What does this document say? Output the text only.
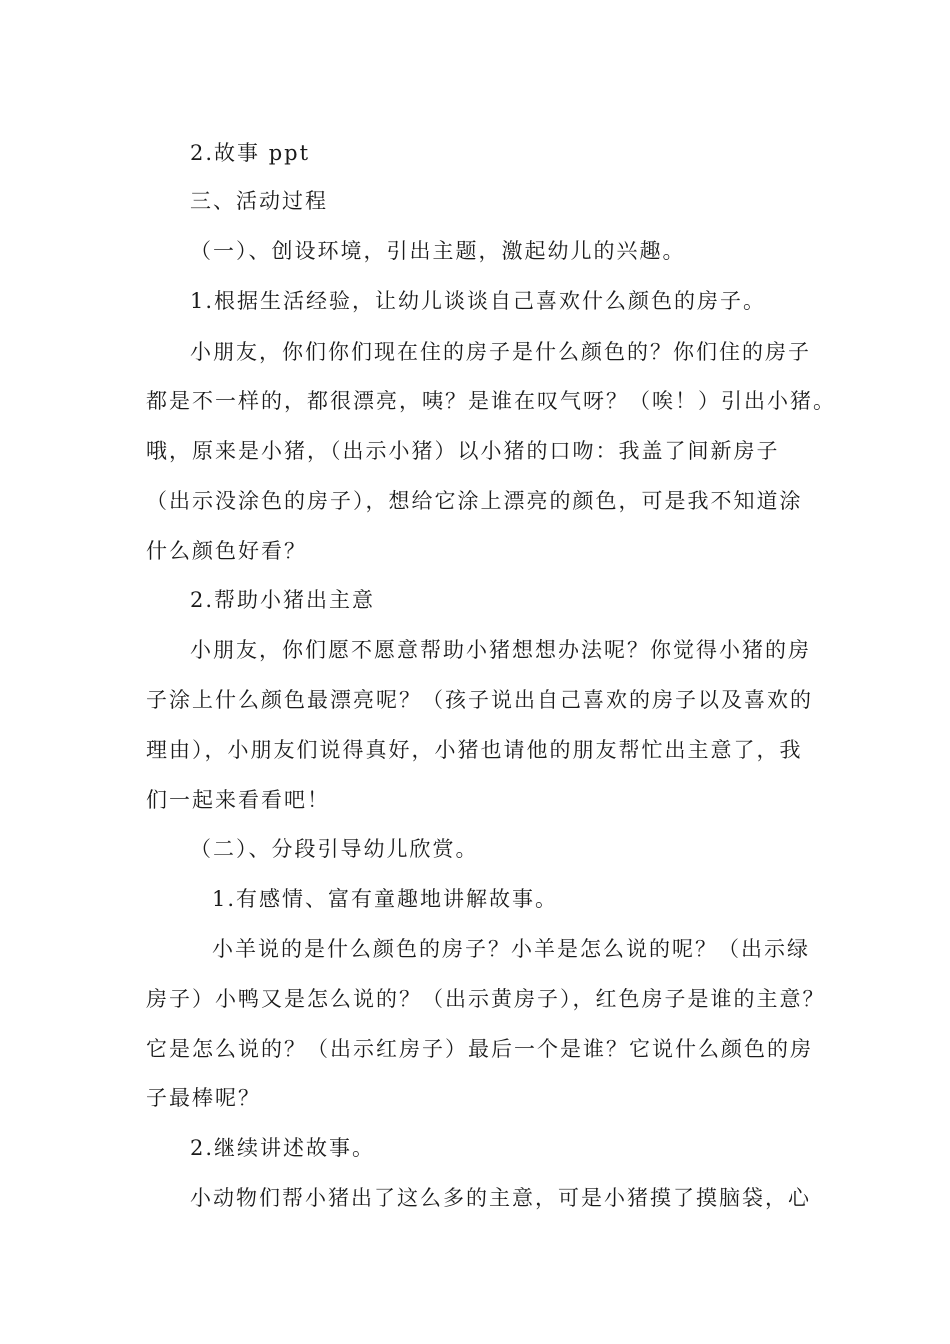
2.故事 ppt

三、活动过程

（一）、创设环境，引出主题，激起幼儿的兴趣。

1.根据生活经验，让幼儿谈谈自己喜欢什么颜色的房子。

小朋友，你们你们现在住的房子是什么颜色的？你们住的房子

都是不一样的，都很漂亮，咦？是谁在叹气呀？（唉！）引出小猪。

哦，原来是小猪，（出示小猪）以小猪的口吻：我盖了间新房子

（出示没涂色的房子），想给它涂上漂亮的颜色，可是我不知道涂

什么颜色好看？

2.帮助小猪出主意

小朋友，你们愿不愿意帮助小猪想想办法呢？你觉得小猪的房

子涂上什么颜色最漂亮呢？（孩子说出自己喜欢的房子以及喜欢的

理由），小朋友们说得真好，小猪也请他的朋友帮忙出主意了，我

们一起来看看吧！

（二）、分段引导幼儿欣赏。

1.有感情、富有童趣地讲解故事。

小羊说的是什么颜色的房子？小羊是怎么说的呢？（出示绿

房子）小鸭又是怎么说的？（出示黄房子），红色房子是谁的主意？

它是怎么说的？（出示红房子）最后一个是谁？它说什么颜色的房

子最棒呢？

2.继续讲述故事。

小动物们帮小猪出了这么多的主意，可是小猪摸了摸脑袋，心
